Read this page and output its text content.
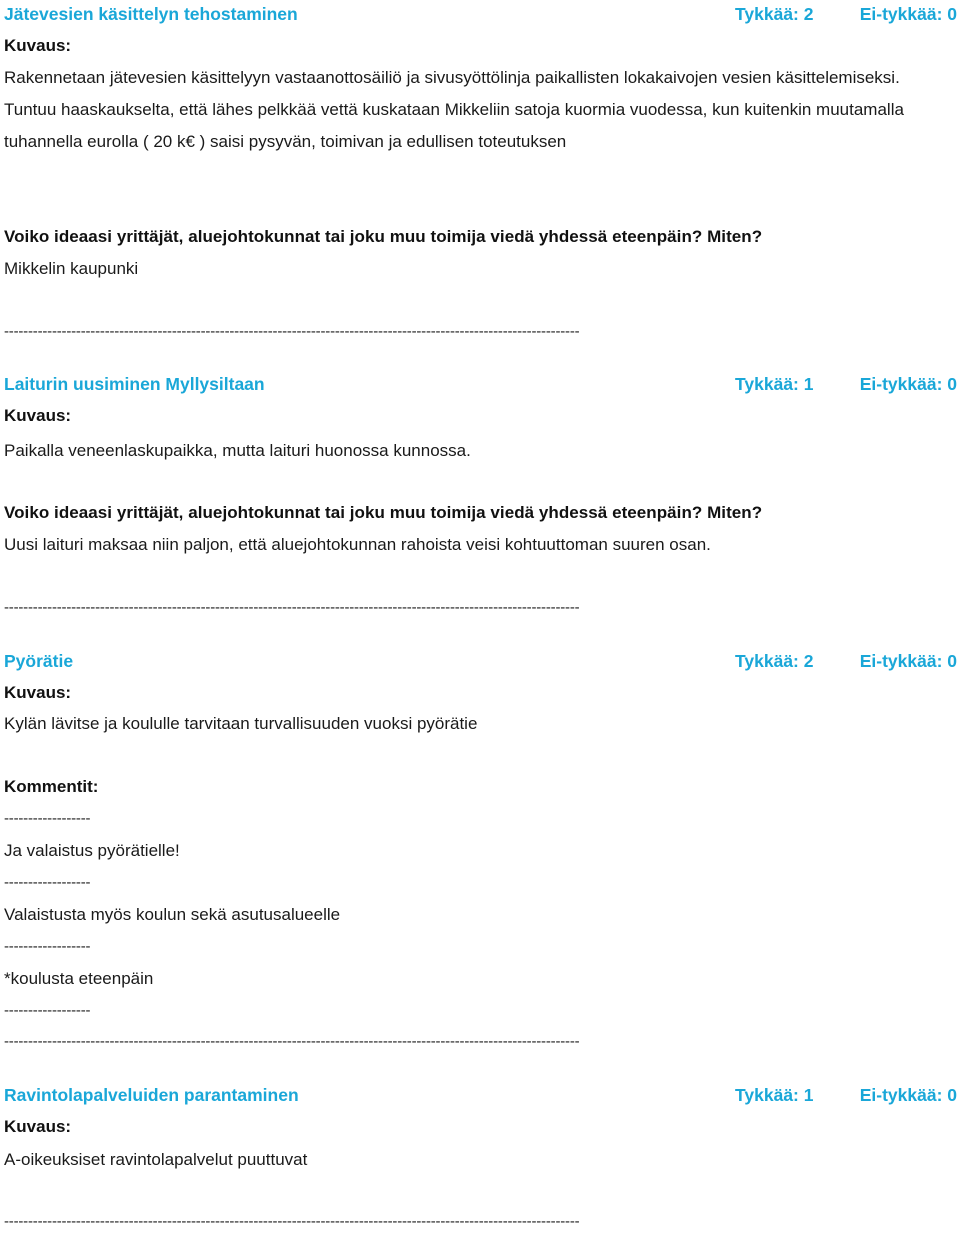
Jätevesien käsittelyn tehostaminen	Tykkää: 2	Ei-tykkää: 0
Kuvaus:
Rakennetaan jätevesien käsittelyyn vastaanottosäiliö ja sivusyöttölinja paikallisten lokakaivojen vesien käsittelemiseksi. Tuntuu haaskaukselta, että lähes pelkkää vettä kuskataan Mikkeliin satoja kuormia vuodessa, kun kuitenkin muutamalla tuhannella eurolla ( 20 k€ ) saisi pysyvän, toimivan ja edullisen toteutuksen
Voiko ideaasi yrittäjät, aluejohtokunnat tai joku muu toimija viedä yhdessä eteenpäin? Miten?
Mikkelin kaupunki
------------------------------------------------------------------------------------------------------------------------
Laiturin uusiminen Myllysiltaan	Tykkää: 1	Ei-tykkää: 0
Kuvaus:
Paikalla veneenlaskupaikka, mutta laituri huonossa kunnossa.
Voiko ideaasi yrittäjät, aluejohtokunnat tai joku muu toimija viedä yhdessä eteenpäin? Miten?
Uusi laituri maksaa niin paljon, että aluejohtokunnan rahoista veisi kohtuuttoman suuren osan.
------------------------------------------------------------------------------------------------------------------------
Pyörätie	Tykkää: 2	Ei-tykkää: 0
Kuvaus:
Kylän lävitse ja koululle tarvitaan turvallisuuden vuoksi pyörätie
Kommentit:
------------------
Ja valaistus pyörätielle!
------------------
Valaistusta myös koulun sekä asutusalueelle
------------------
*koulusta eteenpäin
------------------
------------------------------------------------------------------------------------------------------------------------
Ravintolapalveluiden parantaminen	Tykkää: 1	Ei-tykkää: 0
Kuvaus:
A-oikeuksiset ravintolapalvelut puuttuvat
------------------------------------------------------------------------------------------------------------------------
